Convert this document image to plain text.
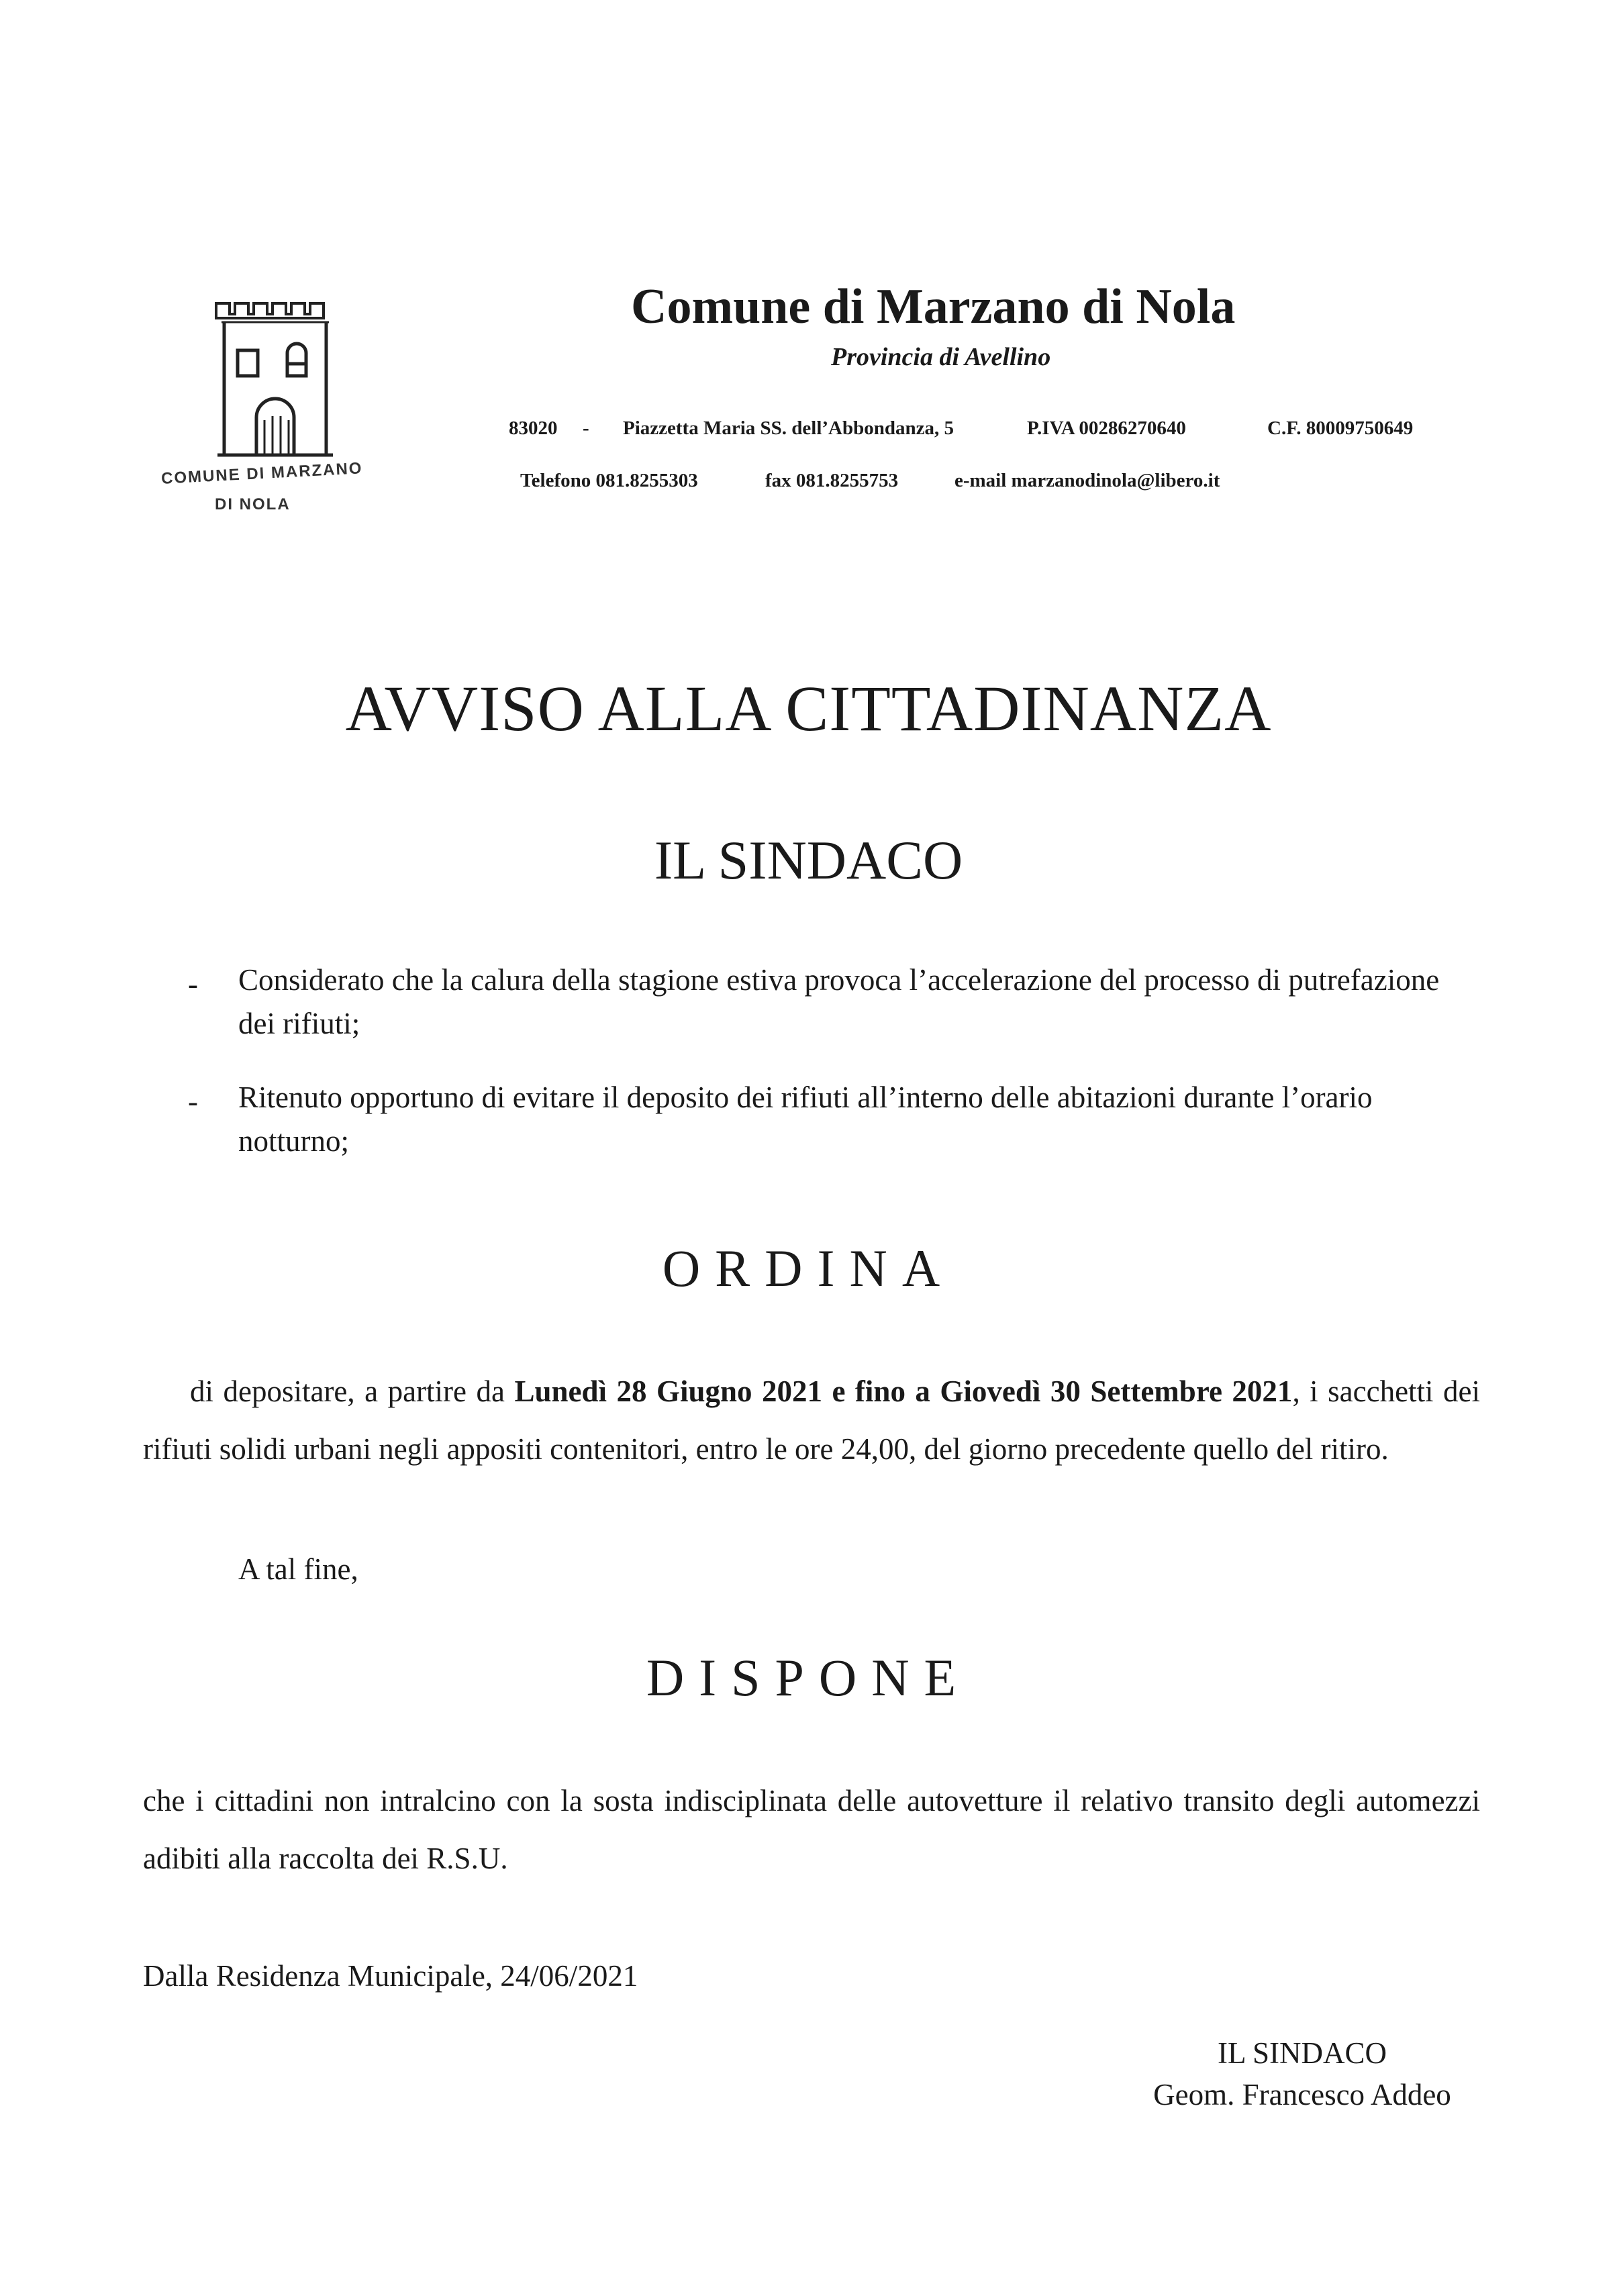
COMUNE DI MARZANO
DI NOLA
Comune di Marzano di Nola
Provincia di Avellino
83020 - Piazzetta Maria SS. dell’Abbondanza, 5	P.IVA 00286270640	C.F. 80009750649
Telefono 081.8255303	fax 081.8255753	e-mail marzanodinola@libero.it
AVVISO ALLA CITTADINANZA
IL SINDACO
- Considerato che la calura della stagione estiva provoca l’accelerazione del processo di putrefazione dei rifiuti;
- Ritenuto opportuno di evitare il deposito dei rifiuti all’interno delle abitazioni durante l’orario notturno;
ORDINA
di depositare, a partire da Lunedì 28 Giugno 2021 e fino a Giovedì 30 Settembre 2021, i sacchetti dei rifiuti solidi urbani negli appositi contenitori, entro le ore 24,00, del giorno precedente quello del ritiro.
A tal fine,
DISPONE
che i cittadini non intralcino con la sosta indisciplinata delle autovetture il relativo transito degli automezzi adibiti alla raccolta dei R.S.U.
Dalla Residenza Municipale, 24/06/2021
IL SINDACO
Geom. Francesco Addeo
